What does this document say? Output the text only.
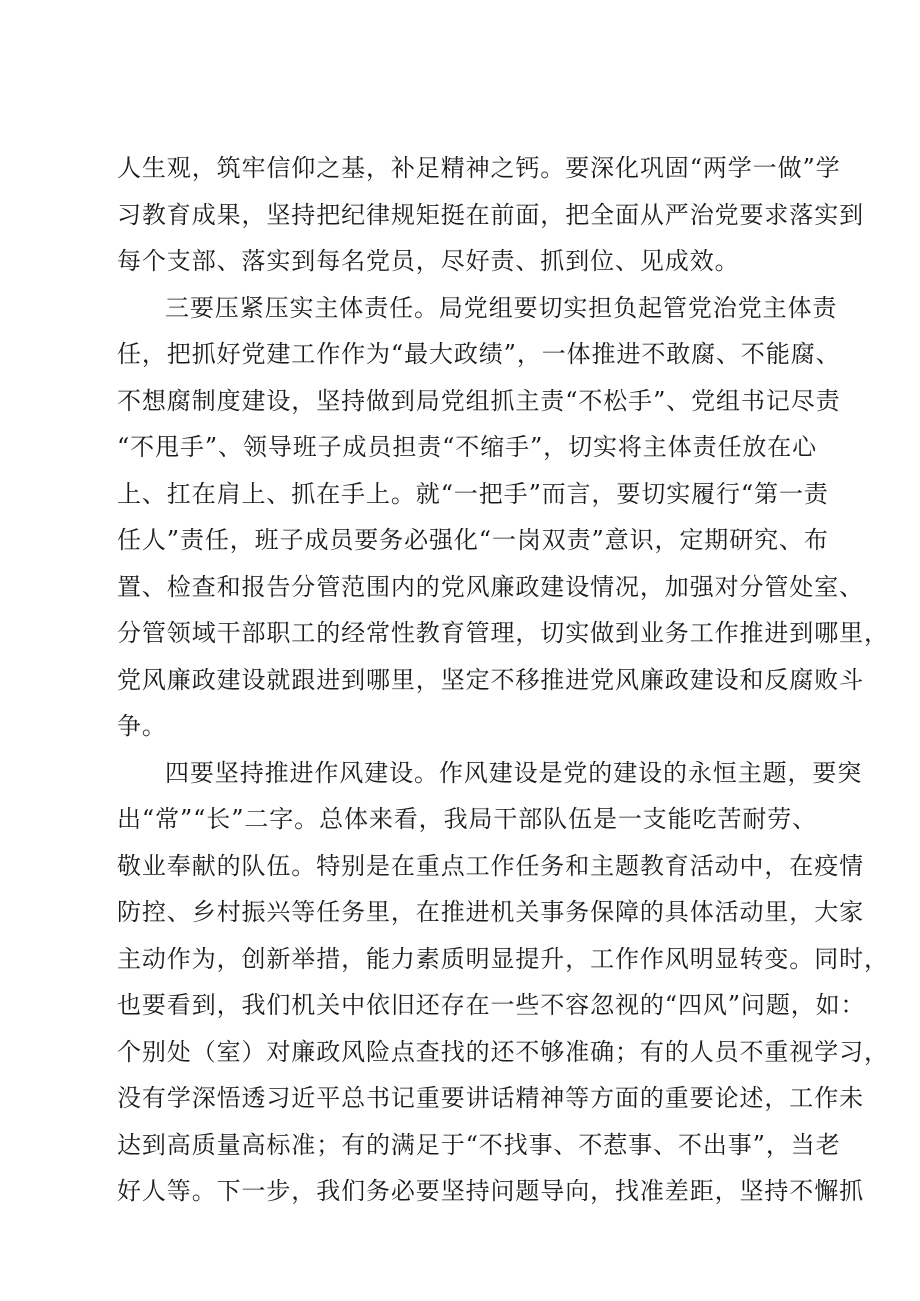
人生观，筑牢信仰之基，补足精神之钙。要深化巩固“两学一做”学
习教育成果，坚持把纪律规矩挺在前面，把全面从严治党要求落实到
每个支部、落实到每名党员，尽好责、抓到位、见成效。
三要压紧压实主体责任。局党组要切实担负起管党治党主体责
任，把抓好党建工作作为“最大政绩”，一体推进不敢腐、不能腐、
不想腐制度建设，坚持做到局党组抓主责“不松手”、党组书记尽责
“不甩手”、领导班子成员担责“不缩手”，切实将主体责任放在心
上、扛在肩上、抓在手上。就“一把手”而言，要切实履行“第一责
任人”责任，班子成员要务必强化“一岗双责”意识，定期研究、布
置、检查和报告分管范围内的党风廉政建设情况，加强对分管处室、
分管领域干部职工的经常性教育管理，切实做到业务工作推进到哪里，
党风廉政建设就跟进到哪里，坚定不移推进党风廉政建设和反腐败斗
争。
四要坚持推进作风建设。作风建设是党的建设的永恒主题，要突
出“常”“长”二字。总体来看，我局干部队伍是一支能吃苦耐劳、
敬业奉献的队伍。特别是在重点工作任务和主题教育活动中，在疫情
防控、乡村振兴等任务里，在推进机关事务保障的具体活动里，大家
主动作为，创新举措，能力素质明显提升，工作作风明显转变。同时，
也要看到，我们机关中依旧还存在一些不容忽视的“四风”问题，如：
个别处（室）对廉政风险点查找的还不够准确；有的人员不重视学习，
没有学深悟透习近平总书记重要讲话精神等方面的重要论述，工作未
达到高质量高标准；有的满足于“不找事、不惹事、不出事”，当老
好人等。下一步，我们务必要坚持问题导向，找准差距，坚持不懈抓
